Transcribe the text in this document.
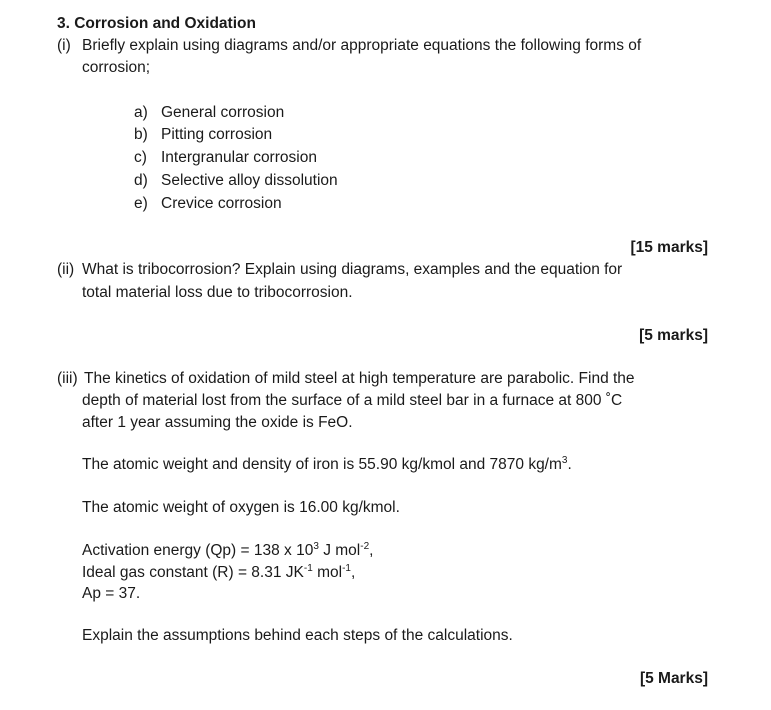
3. Corrosion and Oxidation
(i) Briefly explain using diagrams and/or appropriate equations the following forms of
corrosion;
a) General corrosion
b) Pitting corrosion
c) Intergranular corrosion
d) Selective alloy dissolution
e) Crevice corrosion
[15 marks]
(ii) What is tribocorrosion? Explain using diagrams, examples and the equation for
total material loss due to tribocorrosion.
[5 marks]
(iii) The kinetics of oxidation of mild steel at high temperature are parabolic. Find the
depth of material lost from the surface of a mild steel bar in a furnace at 800 ˚C
after 1 year assuming the oxide is FeO.
The atomic weight and density of iron is 55.90 kg/kmol and 7870 $kg/m^3$.
The atomic weight of oxygen is 16.00 kg/kmol.
Activation energy (Qp) = 138 x $10^3$ J mol$^{-2}$,
Ideal gas constant (R) = 8.31 $JK^{-1}$ mol$^{-1}$,
Ap = 37.
Explain the assumptions behind each steps of the calculations.
[5 Marks]
